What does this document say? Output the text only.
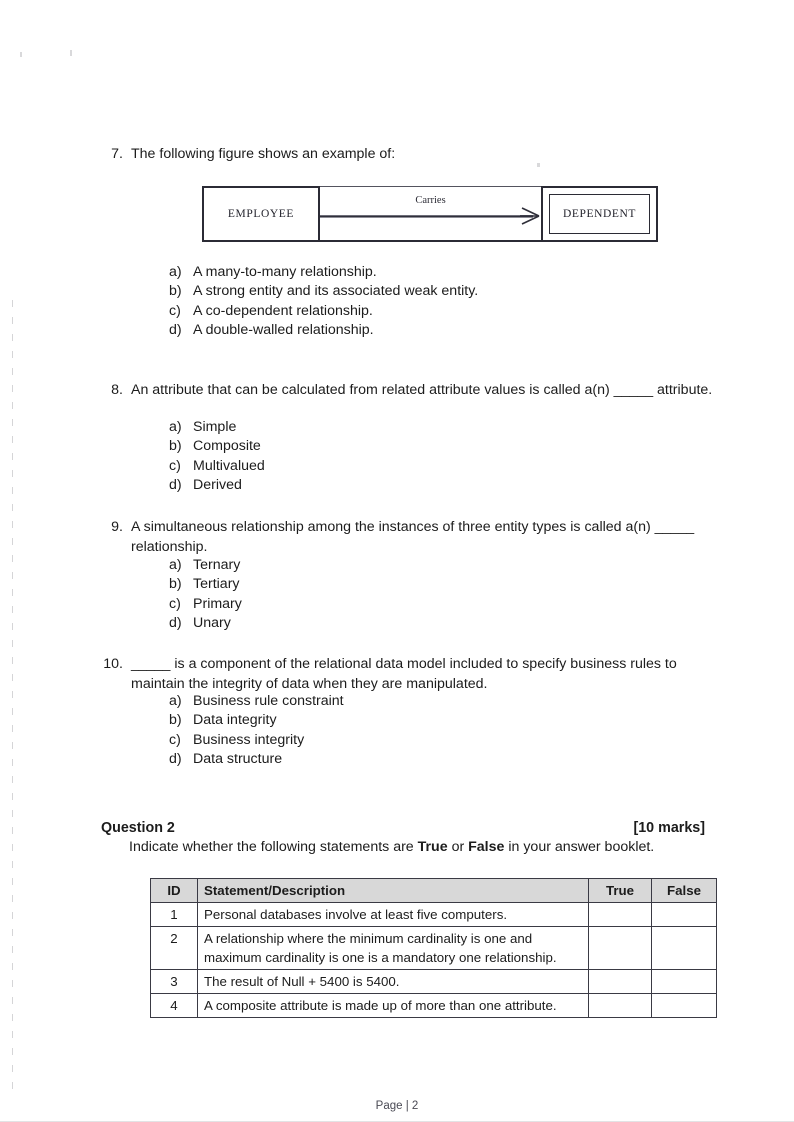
7. The following figure shows an example of:
EMPLOYEE
Carries
DEPENDENT
a) A many-to-many relationship.
b) A strong entity and its associated weak entity.
c) A co-dependent relationship.
d) A double-walled relationship.
8. An attribute that can be calculated from related attribute values is called a(n) _____ attribute.
a) Simple
b) Composite
c) Multivalued
d) Derived
9. A simultaneous relationship among the instances of three entity types is called a(n) _____ relationship.
a) Ternary
b) Tertiary
c) Primary
d) Unary
10. _____ is a component of the relational data model included to specify business rules to maintain the integrity of data when they are manipulated.
a) Business rule constraint
b) Data integrity
c) Business integrity
d) Data structure
Question 2	[10 marks]
Indicate whether the following statements are True or False in your answer booklet.
ID	Statement/Description	True	False
1	Personal databases involve at least five computers.		
2	A relationship where the minimum cardinality is one and maximum cardinality is one is a mandatory one relationship.		
3	The result of Null + 5400 is 5400.		
4	A composite attribute is made up of more than one attribute.		
Page | 2
